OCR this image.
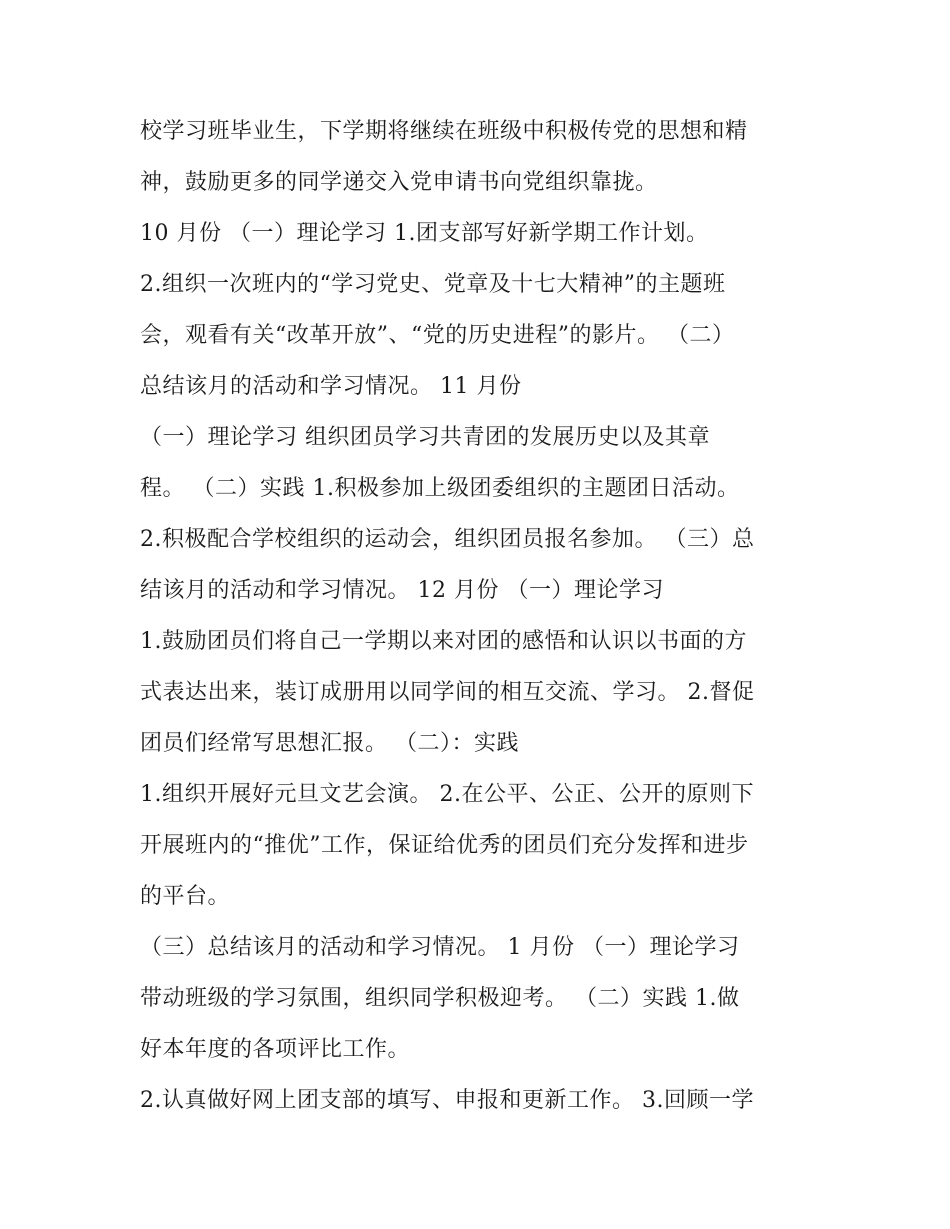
校学习班毕业生，下学期将继续在班级中积极传党的思想和精
神，鼓励更多的同学递交入党申请书向党组织靠拢。
10 月份 （一）理论学习 1.团支部写好新学期工作计划。
2.组织一次班内的“学习党史、党章及十七大精神”的主题班
会，观看有关“改革开放”、“党的历史进程”的影片。 （二）
总结该月的活动和学习情况。 11 月份
（一）理论学习 组织团员学习共青团的发展历史以及其章
程。 （二）实践 1.积极参加上级团委组织的主题团日活动。
2.积极配合学校组织的运动会，组织团员报名参加。 （三）总
结该月的活动和学习情况。 12 月份 （一）理论学习
1.鼓励团员们将自己一学期以来对团的感悟和认识以书面的方
式表达出来，装订成册用以同学间的相互交流、学习。 2.督促
团员们经常写思想汇报。 （二）：实践
1.组织开展好元旦文艺会演。 2.在公平、公正、公开的原则下
开展班内的“推优”工作，保证给优秀的团员们充分发挥和进步
的平台。
（三）总结该月的活动和学习情况。 1 月份 （一）理论学习
带动班级的学习氛围，组织同学积极迎考。 （二）实践 1.做
好本年度的各项评比工作。
2.认真做好网上团支部的填写、申报和更新工作。 3.回顾一学
